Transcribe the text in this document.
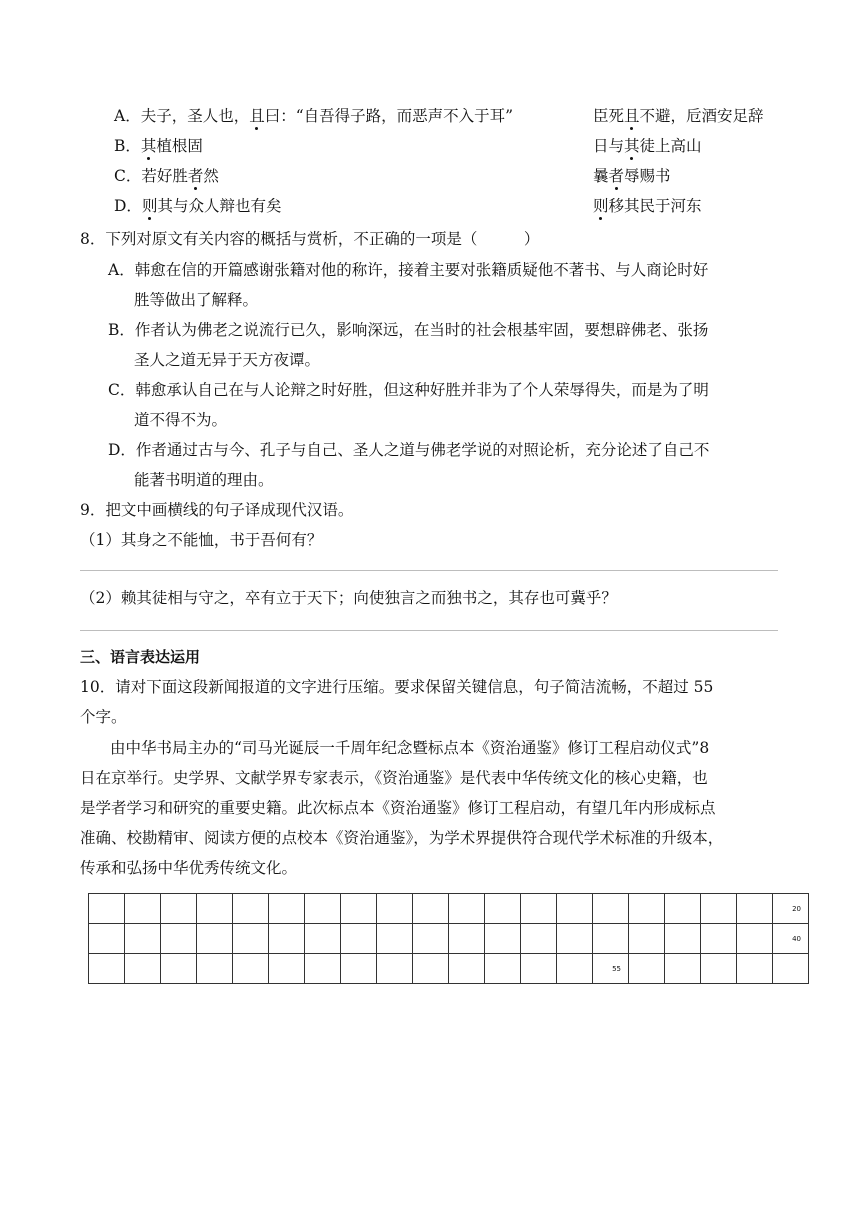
A．夫子，圣人也，且曰：“自吾得子路，而恶声不入于耳”	臣死且不避，卮酒安足辞
B．其植根固	日与其徒上高山
C．若好胜者然	曩者辱赐书
D．则其与众人辩也有矣	则移其民于河东
8．下列对原文有关内容的概括与赏析，不正确的一项是（　　　）
A．韩愈在信的开篇感谢张籍对他的称许，接着主要对张籍质疑他不著书、与人商论时好
胜等做出了解释。
B．作者认为佛老之说流行已久，影响深远，在当时的社会根基牢固，要想辟佛老、张扬
圣人之道无异于天方夜谭。
C．韩愈承认自己在与人论辩之时好胜，但这种好胜并非为了个人荣辱得失，而是为了明
道不得不为。
D．作者通过古与今、孔子与自己、圣人之道与佛老学说的对照论析，充分论述了自己不
能著书明道的理由。
9．把文中画横线的句子译成现代汉语。
（1）其身之不能恤，书于吾何有？
（2）赖其徒相与守之，卒有立于天下；向使独言之而独书之，其存也可冀乎？
三、语言表达运用
10．请对下面这段新闻报道的文字进行压缩。要求保留关键信息，句子简洁流畅，不超过 55
个字。
由中华书局主办的“司马光诞辰一千周年纪念暨标点本《资治通鉴》修订工程启动仪式”8
日在京举行。史学界、文献学界专家表示，《资治通鉴》是代表中华传统文化的核心史籍，也
是学者学习和研究的重要史籍。此次标点本《资治通鉴》修订工程启动，有望几年内形成标点
准确、校勘精审、阅读方便的点校本《资治通鉴》，为学术界提供符合现代学术标准的升级本，
传承和弘扬中华优秀传统文化。

																			20

																			40

														55					
